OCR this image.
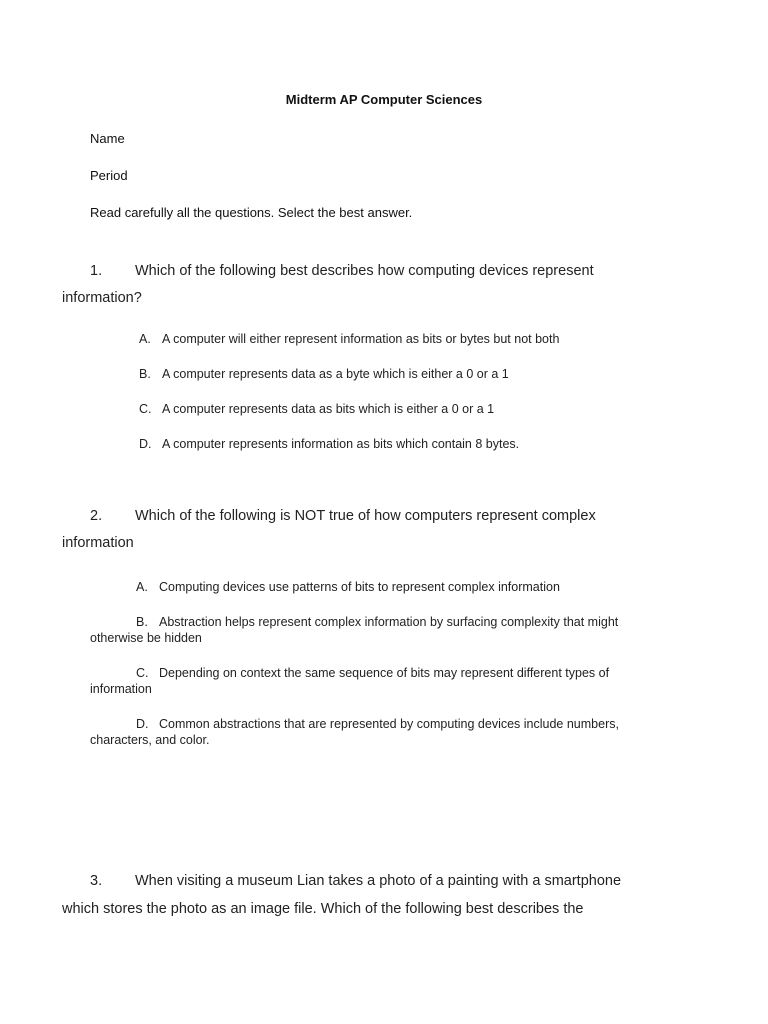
Midterm AP Computer Sciences
Name
Period
Read carefully all the questions. Select the best answer.
1. Which of the following best describes how computing devices represent
information?
A. A computer will either represent information as bits or bytes but not both
B. A computer represents data as a byte which is either a 0 or a 1
C. A computer represents data as bits which is either a 0 or a 1
D. A computer represents information as bits which contain 8 bytes.
2. Which of the following is NOT true of how computers represent complex
information
A. Computing devices use patterns of bits to represent complex information
B. Abstraction helps represent complex information by surfacing complexity that might
otherwise be hidden
C. Depending on context the same sequence of bits may represent different types of
information
D. Common abstractions that are represented by computing devices include numbers,
characters, and color.
3. When visiting a museum Lian takes a photo of a painting with a smartphone
which stores the photo as an image file. Which of the following best describes the
